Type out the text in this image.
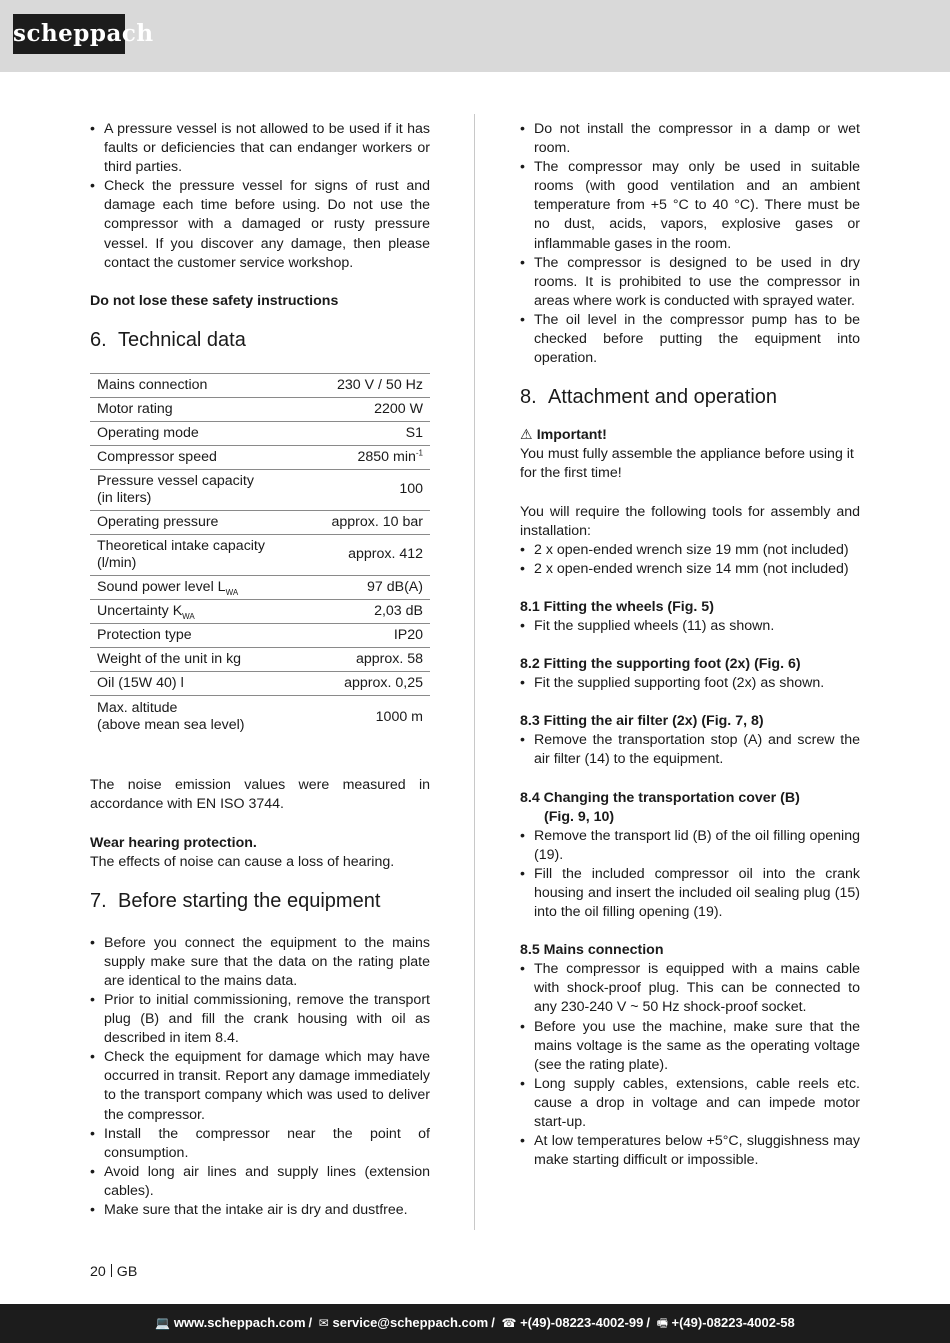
scheppach
• A pressure vessel is not allowed to be used if it has faults or deficiencies that can endanger workers or third parties.
• Check the pressure vessel for signs of rust and damage each time before using. Do not use the compressor with a damaged or rusty pressure vessel. If you discover any damage, then please contact the customer service workshop.

Do not lose these safety instructions

6. Technical data
Mains connection	230 V / 50 Hz
Motor rating	2200 W
Operating mode	S1
Compressor speed	2850 $\min^{-1}$
Pressure vessel capacity
(in liters)	100
Operating pressure	approx. 10 bar
Theoretical intake capacity
(l/min)	approx. 412
Sound power level $L_{WA}$	97 dB(A)
Uncertainty $K_{WA}$	2,03 dB
Protection type	IP20
Weight of the unit in kg	approx. 58
Oil (15W 40) l	approx. 0,25
Max. altitude
(above mean sea level)	1000 m

The noise emission values were measured in accordance with EN ISO 3744.

Wear hearing protection.

The effects of noise can cause a loss of hearing.

7. Before starting the equipment
• Before you connect the equipment to the mains supply make sure that the data on the rating plate are identical to the mains data.
• Prior to initial commissioning, remove the transport plug (B) and fill the crank housing with oil as described in item 8.4.
• Check the equipment for damage which may have occurred in transit. Report any damage immediately to the transport company which was used to deliver the compressor.
• Install the compressor near the point of consumption.
• Avoid long air lines and supply lines (extension cables).
• Make sure that the intake air is dry and dustfree.
• Do not install the compressor in a damp or wet room.
• The compressor may only be used in suitable rooms (with good ventilation and an ambient temperature from +5 °C to 40 °C). There must be no dust, acids, vapors, explosive gases or inflammable gases in the room.
• The compressor is designed to be used in dry rooms. It is prohibited to use the compressor in areas where work is conducted with sprayed water.
• The oil level in the compressor pump has to be checked before putting the equipment into operation.
8. Attachment and operation

⚠ Important!

You must fully assemble the appliance before using it for the first time!

You will require the following tools for assembly and installation:

• 2 x open-ended wrench size 19 mm (not included)
• 2 x open-ended wrench size 14 mm (not included)

8.1 Fitting the wheels (Fig. 5)

• Fit the supplied wheels (11) as shown.

8.2 Fitting the supporting foot (2x) (Fig. 6)

• Fit the supplied supporting foot (2x) as shown.

8.3 Fitting the air filter (2x) (Fig. 7, 8)

• Remove the transportation stop (A) and screw the air filter (14) to the equipment.

8.4 Changing the transportation cover (B)

(Fig. 9, 10)

• Remove the transport lid (B) of the oil filling opening (19).
• Fill the included compressor oil into the crank housing and insert the included oil sealing plug (15) into the oil filling opening (19).

8.5 Mains connection

• The compressor is equipped with a mains cable with shock-proof plug. This can be connected to any 230-240 V ~ 50 Hz shock-proof socket.
• Before you use the machine, make sure that the mains voltage is the same as the operating voltage (see the rating plate).
• Long supply cables, extensions, cable reels etc. cause a drop in voltage and can impede motor start-up.
• At low temperatures below +5°C, sluggishness may make starting difficult or impossible.
20 GB
💻 www.scheppach.com / ✉ service@scheppach.com / ☎ +(49)-08223-4002-99 / 🖷 +(49)-08223-4002-58
